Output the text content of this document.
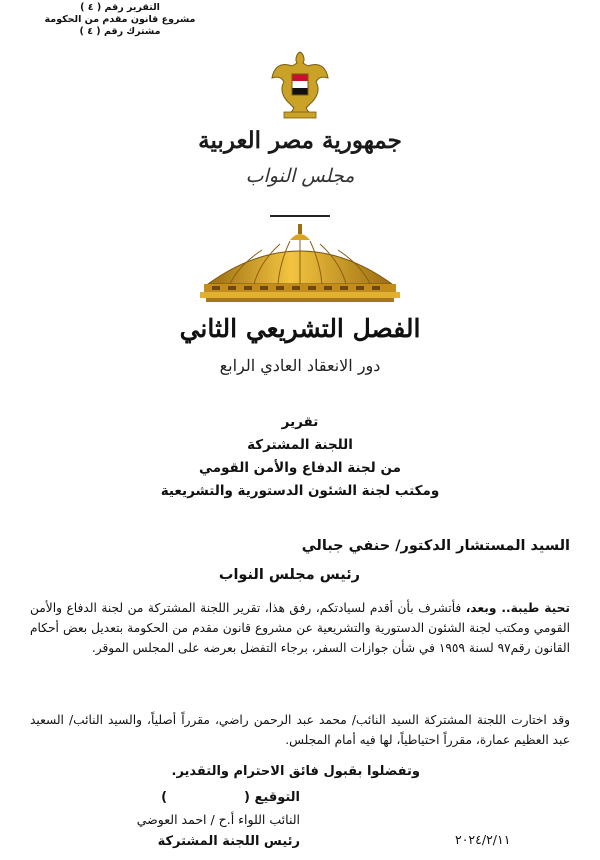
التقرير رقم ( ٤ )
مشروع قانون مقدم من الحكومة
مشترك رقم ( ٤ )
جمهورية مصر العربية
مجلس النواب
الفصل التشريعي الثاني
دور الانعقاد العادي الرابع
تقرير
اللجنة المشتركة
من لجنة الدفاع والأمن القومي
ومكتب لجنة الشئون الدستورية والتشريعية
السيد المستشار الدكتور/ حنفي جبالي
رئيس مجلس النواب
تحية طيبة.. وبعد، فأتشرف بأن أقدم لسيادتكم، رفق هذا، تقرير اللجنة المشتركة من لجنة الدفاع والأمن القومي ومكتب لجنة الشئون الدستورية والتشريعية عن مشروع قانون مقدم من الحكومة بتعديل بعض أحكام القانون رقم٩٧ لسنة ١٩٥٩ في شأن جوازات السفر، برجاء التفضل بعرضه على المجلس الموقر.
وقد اختارت اللجنة المشتركة السيد النائب/ محمد عبد الرحمن راضي، مقرراً أصلياً، والسيد النائب/ السعيد عبد العظيم عمارة، مقرراً احتياطياً، لها فيه أمام المجلس.
وتفضلوا بقبول فائق الاحترام والتقدير.
التوقيع (                 )
النائب اللواء أ.ح / احمد العوضي
رئيس اللجنة المشتركة	٢٠٢٤/٢/١١
